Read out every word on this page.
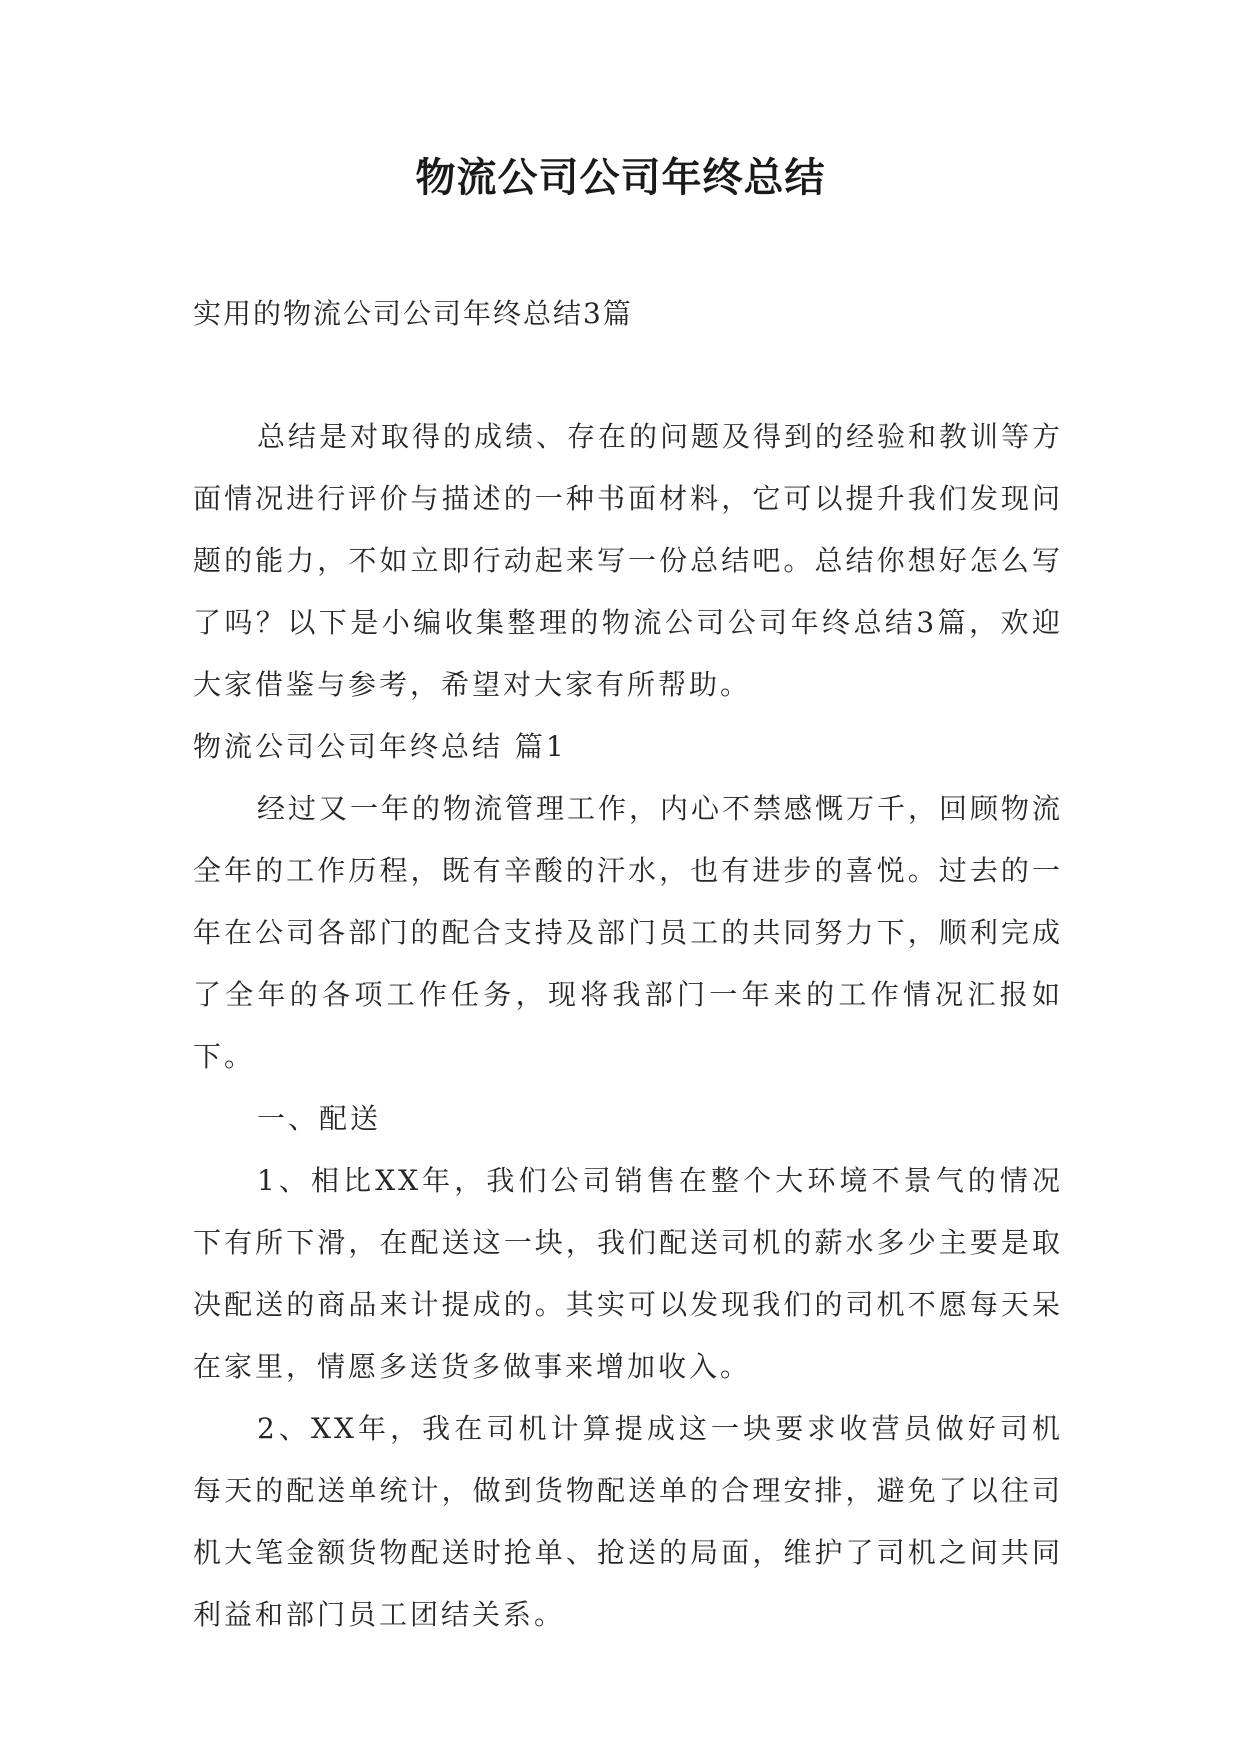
物流公司公司年终总结
实用的物流公司公司年终总结3篇

总结是对取得的成绩、存在的问题及得到的经验和教训等方面情况进行评价与描述的一种书面材料，它可以提升我们发现问题的能力，不如立即行动起来写一份总结吧。总结你想好怎么写了吗？以下是小编收集整理的物流公司公司年终总结3篇，欢迎大家借鉴与参考，希望对大家有所帮助。

物流公司公司年终总结 篇1

经过又一年的物流管理工作，内心不禁感慨万千，回顾物流全年的工作历程，既有辛酸的汗水，也有进步的喜悦。过去的一年在公司各部门的配合支持及部门员工的共同努力下，顺利完成了全年的各项工作任务，现将我部门一年来的工作情况汇报如下。

一、配送

1、相比XX年，我们公司销售在整个大环境不景气的情况下有所下滑，在配送这一块，我们配送司机的薪水多少主要是取决配送的商品来计提成的。其实可以发现我们的司机不愿每天呆在家里，情愿多送货多做事来增加收入。

2、XX年，我在司机计算提成这一块要求收营员做好司机每天的配送单统计，做到货物配送单的合理安排，避免了以往司机大笔金额货物配送时抢单、抢送的局面，维护了司机之间共同利益和部门员工团结关系。
